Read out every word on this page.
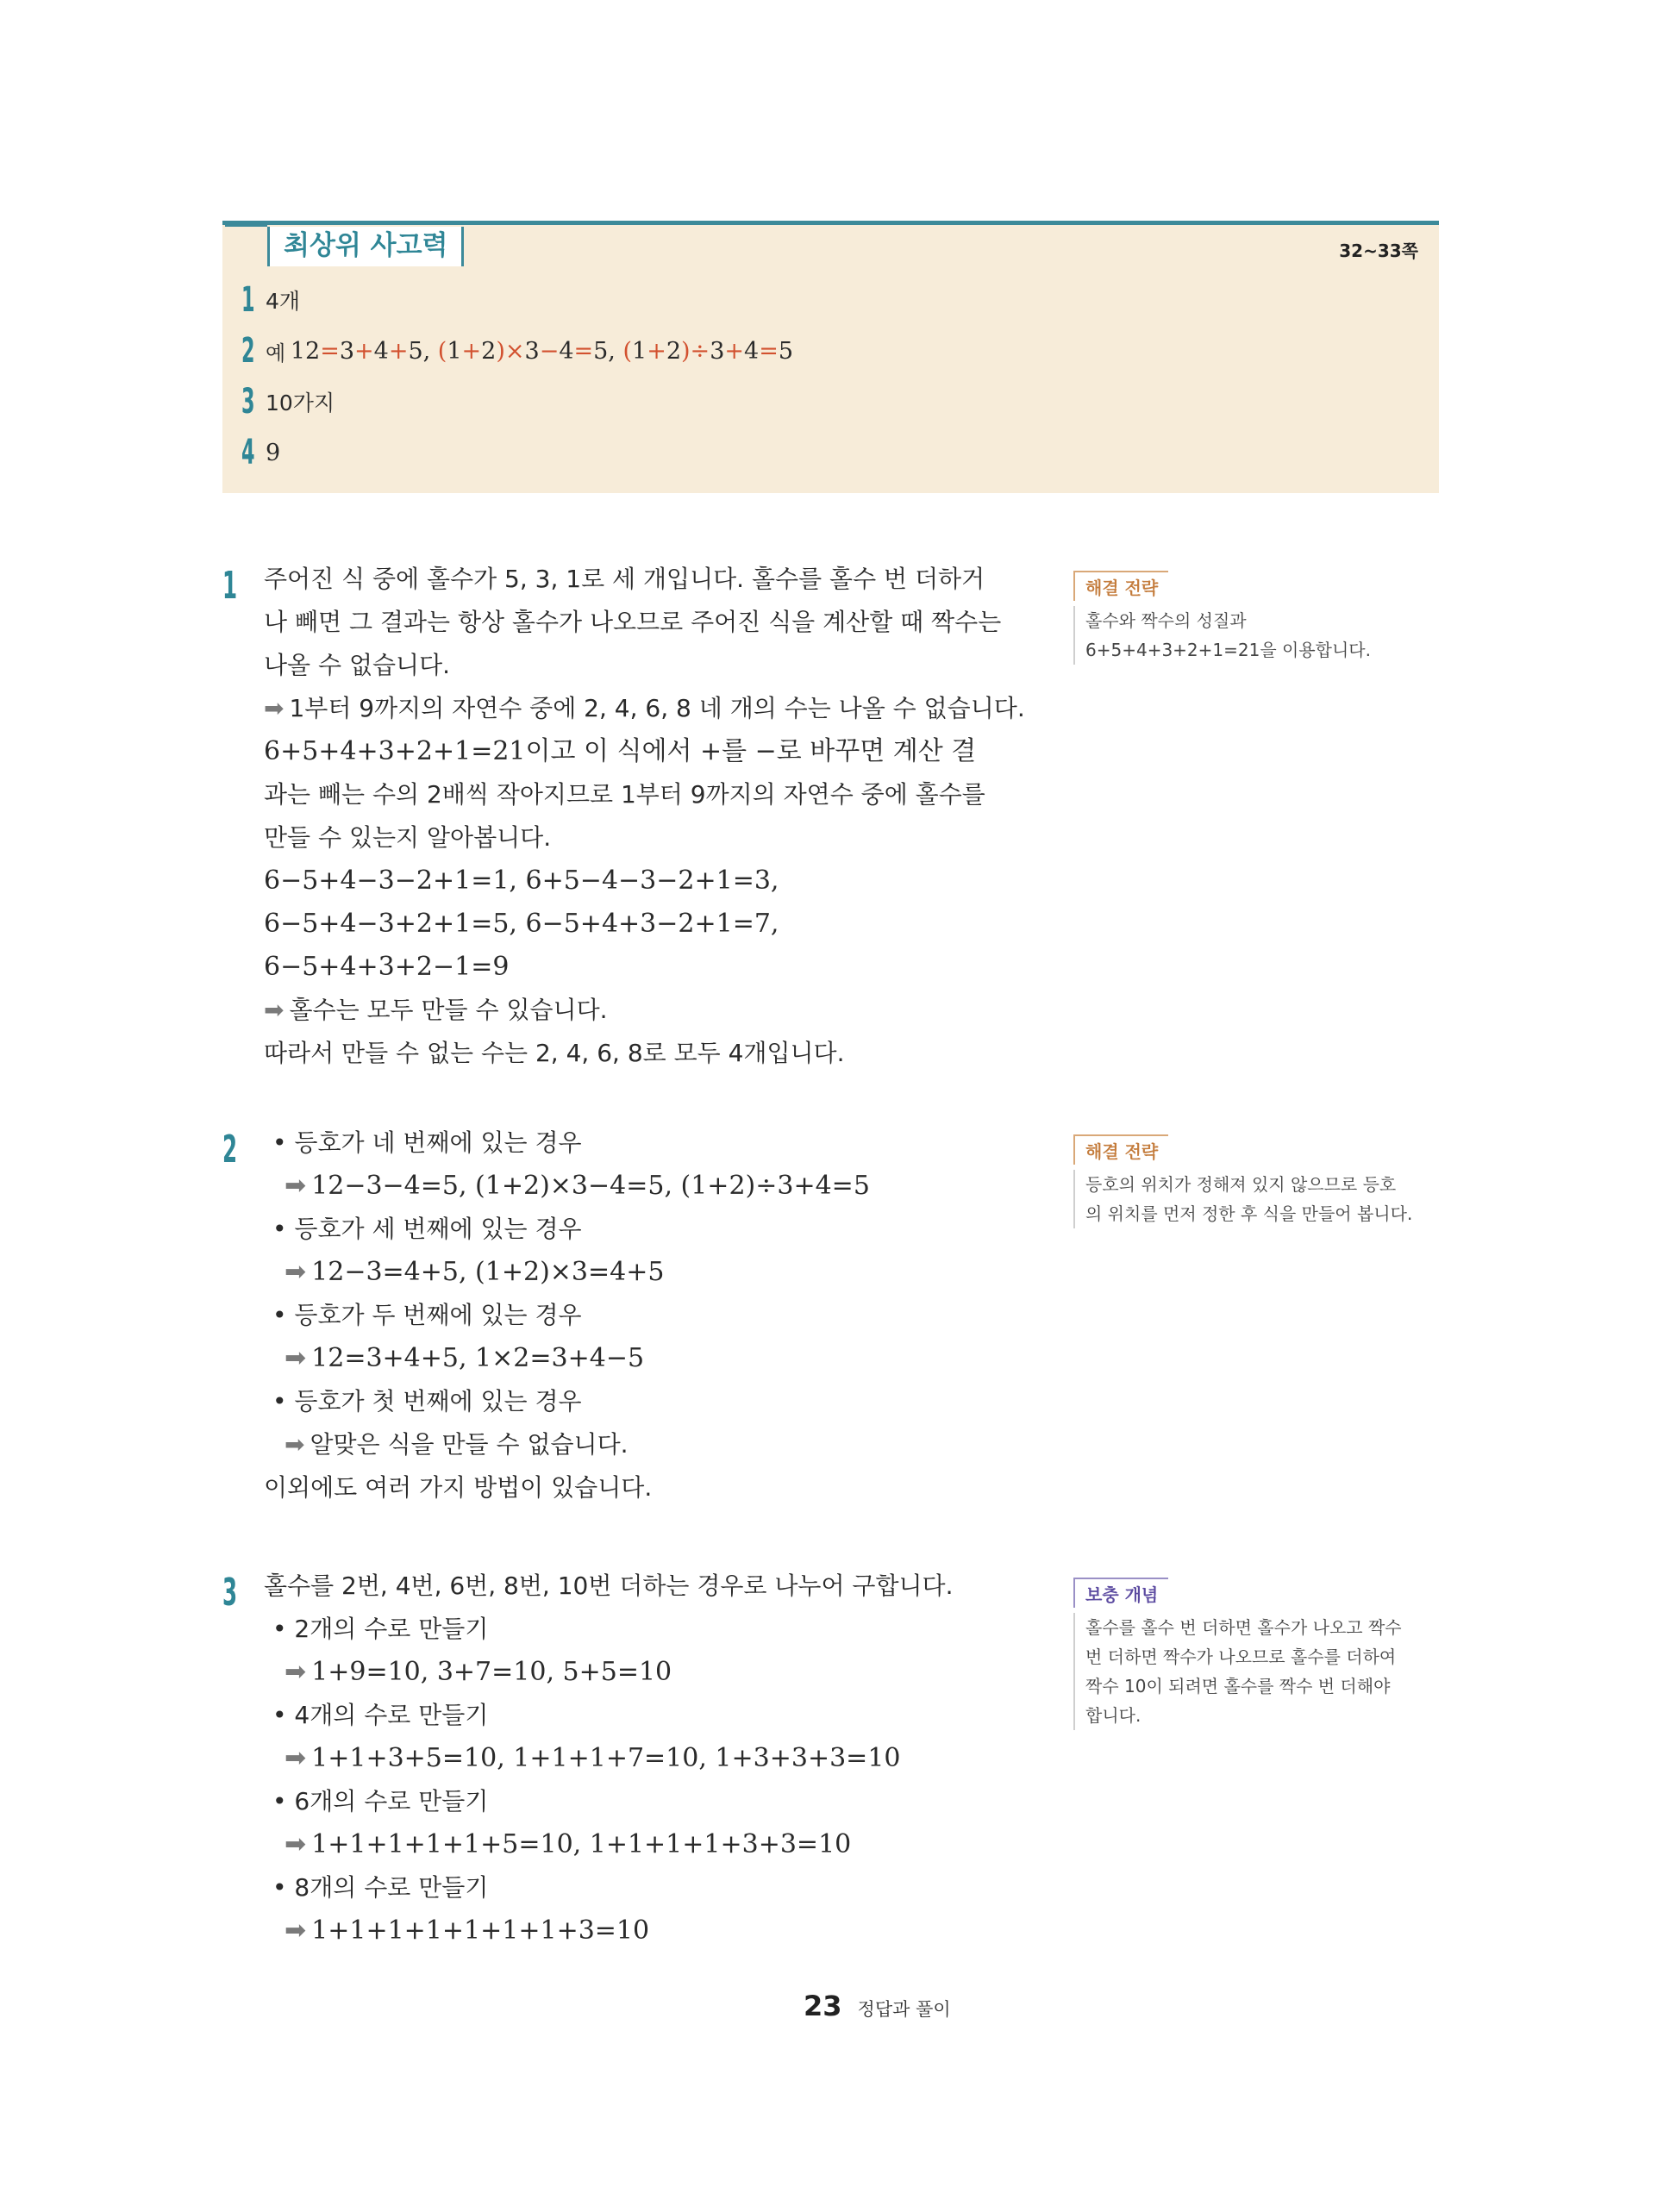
최상위 사고력	32~33쪽
1 4개
2 예
12=3+4+5, (1+2)×3−4=5, (1+2)÷3+4=5
3 10가지
4 9
1 주어진 식 중에 홀수가 5, 3, 1로 세 개입니다. 홀수를 홀수 번 더하거
나 빼면 그 결과는 항상 홀수가 나오므로 주어진 식을 계산할 때 짝수는
나올 수 없습니다.
➡ 1부터 9까지의 자연수 중에 2, 4, 6, 8 네 개의 수는 나올 수 없습니다.
6+5+4+3+2+1=21이고 이 식에서 +를 −로 바꾸면 계산 결
과는 빼는 수의 2배씩 작아지므로 1부터 9까지의 자연수 중에 홀수를
만들 수 있는지 알아봅니다.
6−5+4−3−2+1=1, 6+5−4−3−2+1=3,
6−5+4−3+2+1=5, 6−5+4+3−2+1=7,
6−5+4+3+2−1=9
➡ 홀수는 모두 만들 수 있습니다.
따라서 만들 수 없는 수는 2, 4, 6, 8로 모두 4개입니다.
해결 전략
홀수와 짝수의 성질과
6+5+4+3+2+1=21을 이용합니다.
2 • 등호가 네 번째에 있는 경우
➡ 12−3−4=5, (1+2)×3−4=5, (1+2)÷3+4=5
• 등호가 세 번째에 있는 경우
➡ 12−3=4+5, (1+2)×3=4+5
• 등호가 두 번째에 있는 경우
➡ 12=3+4+5, 1×2=3+4−5
• 등호가 첫 번째에 있는 경우
➡ 알맞은 식을 만들 수 없습니다.
이외에도 여러 가지 방법이 있습니다.
해결 전략
등호의 위치가 정해져 있지 않으므로 등호
의 위치를 먼저 정한 후 식을 만들어 봅니다.
3 홀수를 2번, 4번, 6번, 8번, 10번 더하는 경우로 나누어 구합니다.
• 2개의 수로 만들기
➡ 1+9=10, 3+7=10, 5+5=10
• 4개의 수로 만들기
➡ 1+1+3+5=10, 1+1+1+7=10, 1+3+3+3=10
• 6개의 수로 만들기
➡ 1+1+1+1+1+5=10, 1+1+1+1+3+3=10
• 8개의 수로 만들기
➡ 1+1+1+1+1+1+1+3=10
보충 개념
홀수를 홀수 번 더하면 홀수가 나오고 짝수
번 더하면 짝수가 나오므로 홀수를 더하여
짝수 10이 되려면 홀수를 짝수 번 더해야
합니다.
23 정답과 풀이
